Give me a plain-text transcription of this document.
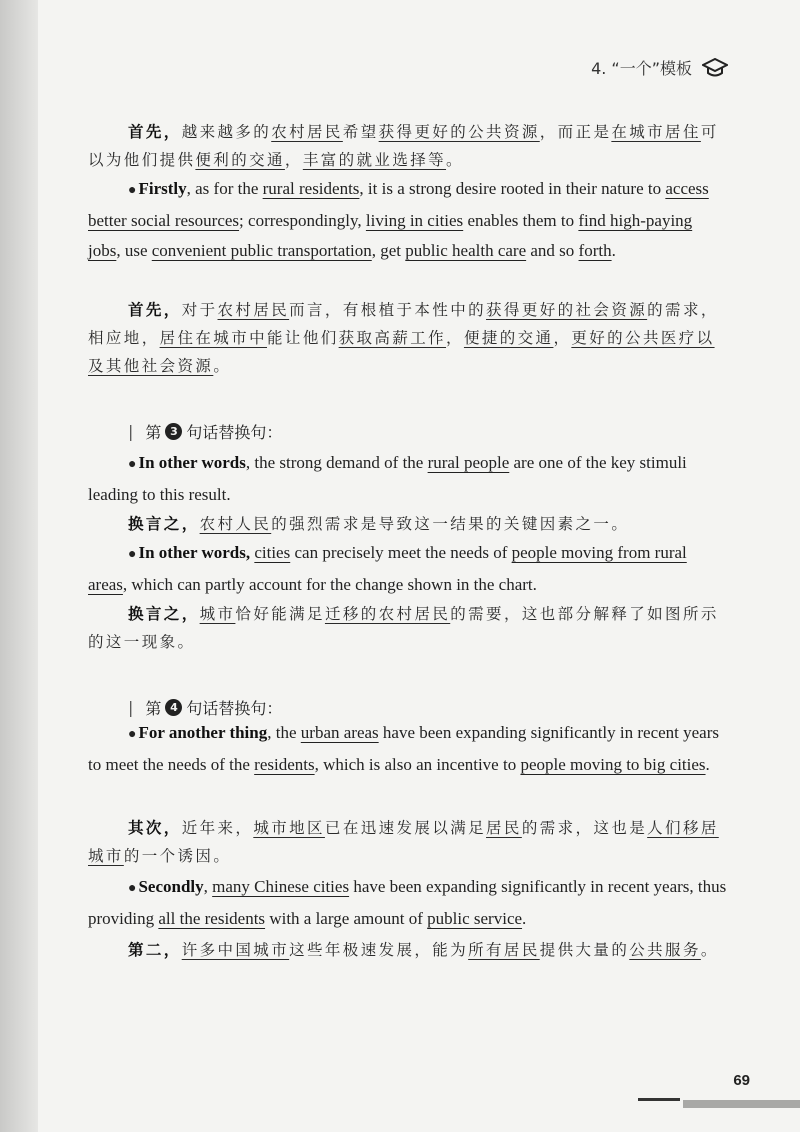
4. “一个”模板

首先，越来越多的农村居民希望获得更好的公共资源，而正是在城市居住可以为他们提供便利的交通，丰富的就业选择等。

● Firstly, as for the rural residents, it is a strong desire rooted in their nature to access better social resources; correspondingly, living in cities enables them to find high-paying jobs, use convenient public transportation, get public health care and so forth.

首先，对于农村居民而言，有根植于本性中的获得更好的社会资源的需求，相应地，居住在城市中能让他们获取高薪工作，便捷的交通，更好的公共医疗以及其他社会资源。

| 第 3 句话替换句：

● In other words, the strong demand of the rural people are one of the key stimuli leading to this result.

换言之，农村人民的强烈需求是导致这一结果的关键因素之一。

● In other words, cities can precisely meet the needs of people moving from rural areas, which can partly account for the change shown in the chart.

换言之，城市恰好能满足迁移的农村居民的需要，这也部分解释了如图所示的这一现象。

| 第 4 句话替换句：

● For another thing, the urban areas have been expanding significantly in recent years to meet the needs of the residents, which is also an incentive to people moving to big cities.

其次，近年来，城市地区已在迅速发展以满足居民的需求，这也是人们移居城市的一个诱因。

● Secondly, many Chinese cities have been expanding significantly in recent years, thus providing all the residents with a large amount of public service.

第二，许多中国城市这些年极速发展，能为所有居民提供大量的公共服务。

69
